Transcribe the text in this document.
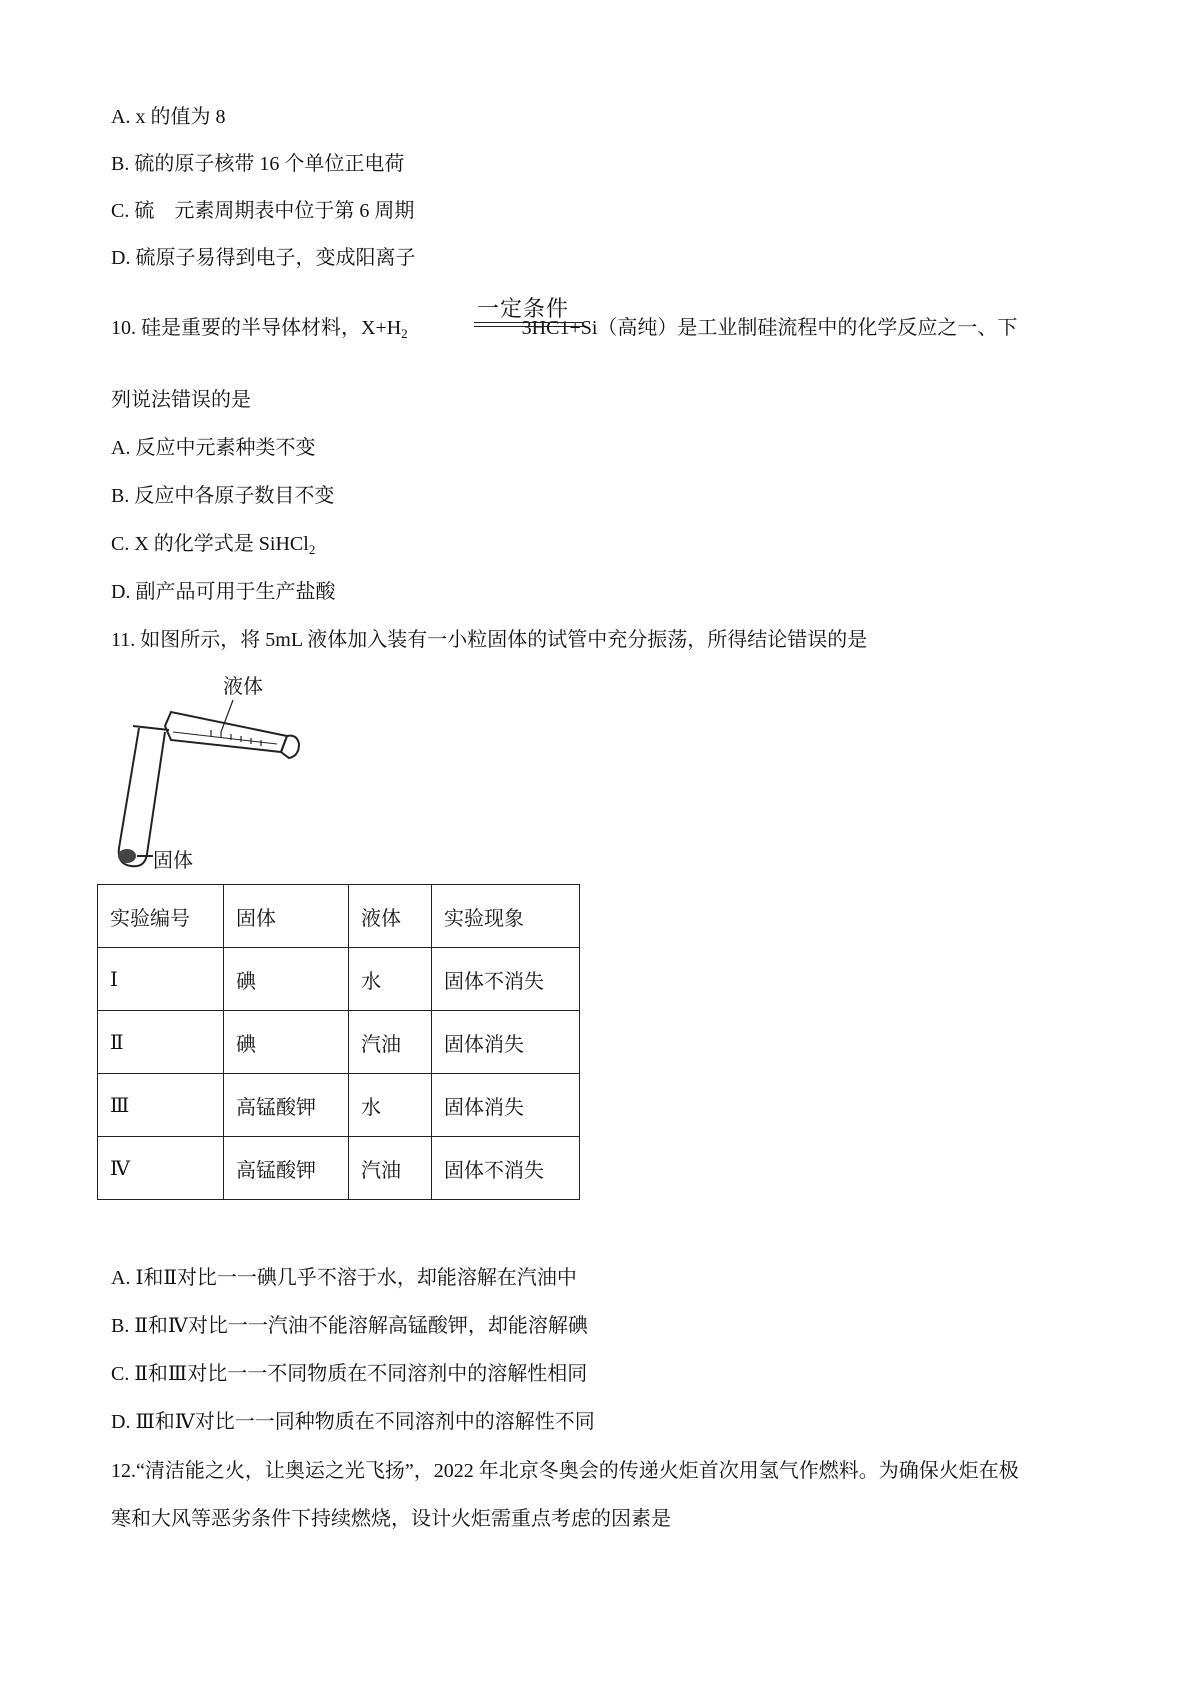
A. x 的值为 8
B. 硫的原子核带 16 个单位正电荷
C. 硫　元素周期表中位于第 6 周期
D. 硫原子易得到电子，变成阳离子
10. 硅是重要的半导体材料，$X+H_2$	3HC1+Si（高纯）是工业制硅流程中的化学反应之一、下
一定条件
列说法错误的是
A. 反应中元素种类不变
B. 反应中各原子数目不变
C. X 的化学式是 SiHCl$_2$
D. 副产品可用于生产盐酸
11. 如图所示，将 5mL 液体加入装有一小粒固体的试管中充分振荡，所得结论错误的是
液体
固体
实验编号	固体	液体	实验现象
Ⅰ	碘	水	固体不消失
Ⅱ	碘	汽油	固体消失
Ⅲ	高锰酸钾	水	固体消失
Ⅳ	高锰酸钾	汽油	固体不消失
A. Ⅰ和Ⅱ对比一一碘几乎不溶于水，却能溶解在汽油中
B. Ⅱ和Ⅳ对比一一汽油不能溶解高锰酸钾，却能溶解碘
C. Ⅱ和Ⅲ对比一一不同物质在不同溶剂中的溶解性相同
D. Ⅲ和Ⅳ对比一一同种物质在不同溶剂中的溶解性不同
12.“清洁能之火，让奥运之光飞扬”，2022 年北京冬奥会的传递火炬首次用氢气作燃料。为确保火炬在极
寒和大风等恶劣条件下持续燃烧，设计火炬需重点考虑的因素是
